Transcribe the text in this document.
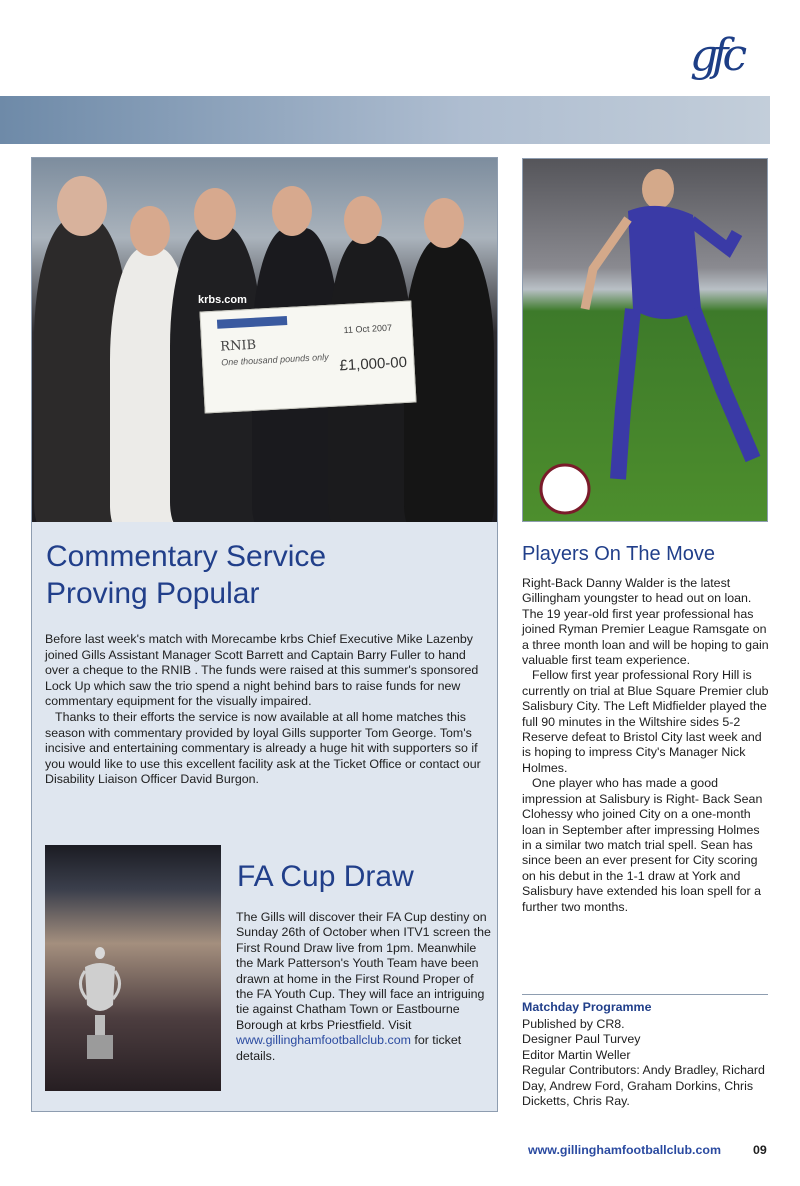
gfc
RNIB
11 Oct 2007
One thousand pounds only £1,000-00
krbs.com
Commentary Service
Proving Popular

Before last week's match with Morecambe krbs Chief Executive Mike Lazenby joined Gills Assistant Manager Scott Barrett and Captain Barry Fuller to hand over a cheque to the RNIB . The funds were raised at this summer's sponsored Lock Up which saw the trio spend a night behind bars to raise funds for new commentary equipment for the visually impaired.

Thanks to their efforts the service is now available at all home matches this season with commentary provided by loyal Gills supporter Tom George. Tom's incisive and entertaining commentary is already a huge hit with supporters so if you would like to use this excellent facility ask at the Ticket Office or contact our Disability Liaison Officer David Burgon.

FA Cup Draw
The Gills will discover their FA Cup destiny on Sunday 26th of October when ITV1 screen the First Round Draw live from 1pm. Meanwhile the Mark Patterson's Youth Team have been drawn at home in the First Round Proper of the FA Youth Cup. They will face an intriguing tie against Chatham Town or Eastbourne Borough at krbs Priestfield. Visit www.gillinghamfootballclub.com for ticket details.
Players On The Move

Right-Back Danny Walder is the latest Gillingham youngster to head out on loan. The 19 year-old first year professional has joined Ryman Premier League Ramsgate on a three month loan and will be hoping to gain valuable first team experience.

Fellow first year professional Rory Hill is currently on trial at Blue Square Premier club Salisbury City. The Left Midfielder played the full 90 minutes in the Wiltshire sides 5-2 Reserve defeat to Bristol City last week and is hoping to impress City's Manager Nick Holmes.

One player who has made a good impression at Salisbury is Right- Back Sean Clohessy who joined City on a one-month loan in September after impressing Holmes in a similar two match trial spell. Sean has since been an ever present for City scoring on his debut in the 1-1 draw at York and Salisbury have extended his loan spell for a further two months.

Matchday Programme
Published by CR8.
Designer Paul Turvey
Editor Martin Weller
Regular Contributors: Andy Bradley, Richard Day, Andrew Ford, Graham Dorkins, Chris Dicketts, Chris Ray.
www.gillinghamfootballclub.com	09
